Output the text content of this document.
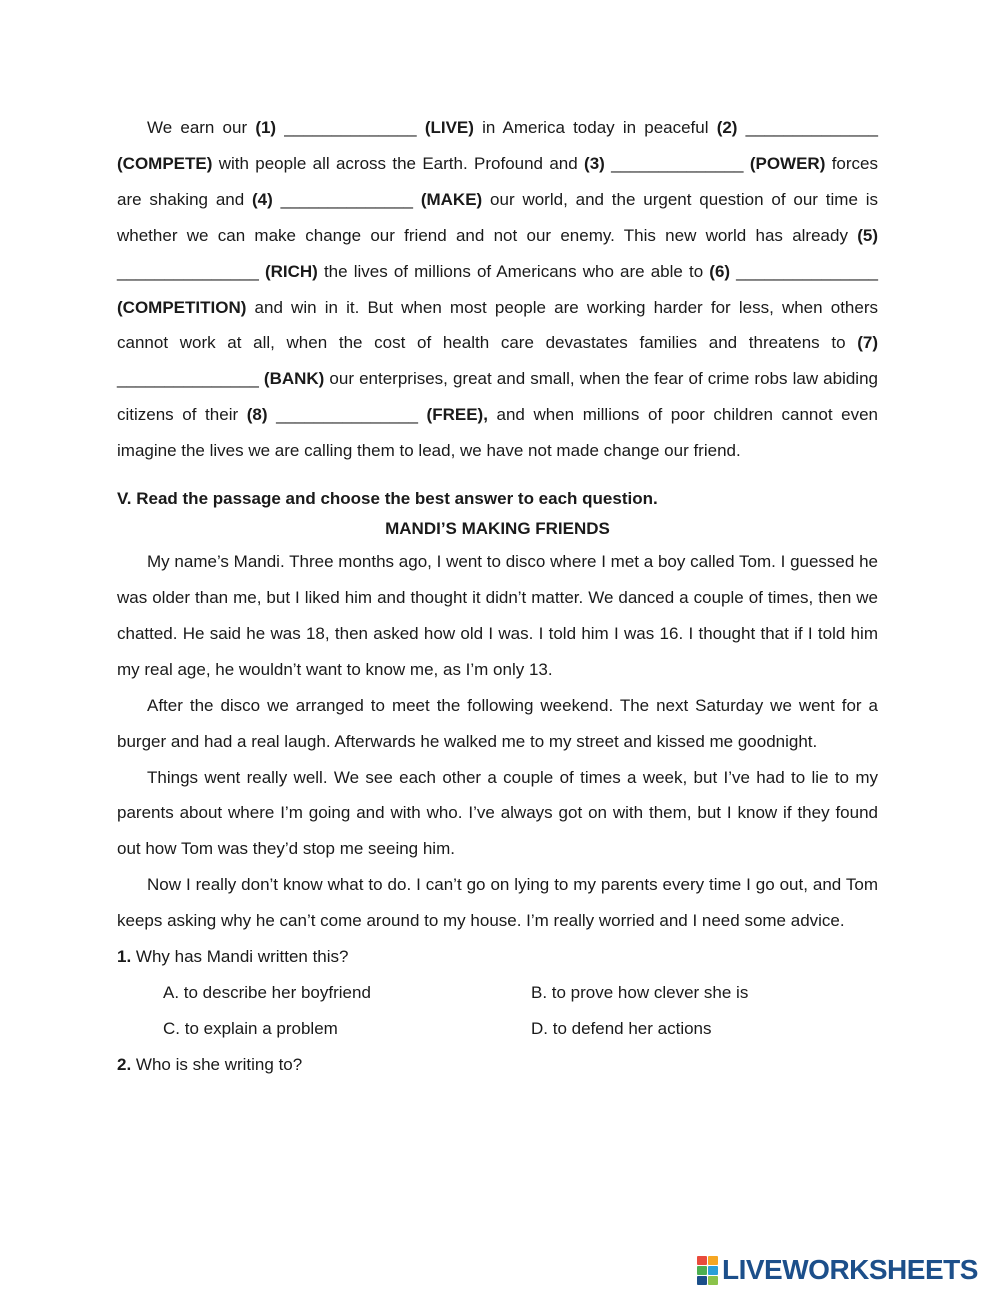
We earn our (1) ______________ (LIVE) in America today in peaceful (2) ______________ (COMPETE) with people all across the Earth. Profound and (3) ______________ (POWER) forces are shaking and (4) ______________ (MAKE) our world, and the urgent question of our time is whether we can make change our friend and not our enemy. This new world has already (5) _______________ (RICH) the lives of millions of Americans who are able to (6) _______________ (COMPETITION) and win in it. But when most people are working harder for less, when others cannot work at all, when the cost of health care devastates families and threatens to (7) _______________ (BANK) our enterprises, great and small, when the fear of crime robs law abiding citizens of their (8) _______________ (FREE), and when millions of poor children cannot even imagine the lives we are calling them to lead, we have not made change our friend.

V. Read the passage and choose the best answer to each question.

MANDI’S MAKING FRIENDS

My name’s Mandi. Three months ago, I went to disco where I met a boy called Tom. I guessed he was older than me, but I liked him and thought it didn’t matter. We danced a couple of times, then we chatted. He said he was 18, then asked how old I was. I told him I was 16. I thought that if I told him my real age, he wouldn’t want to know me, as I’m only 13.

After the disco we arranged to meet the following weekend. The next Saturday we went for a burger and had a real laugh. Afterwards he walked me to my street and kissed me goodnight.

Things went really well. We see each other a couple of times a week, but I’ve had to lie to my parents about where I’m going and with who. I’ve always got on with them, but I know if they found out how Tom was they’d stop me seeing him.

Now I really don’t know what to do. I can’t go on lying to my parents every time I go out, and Tom keeps asking why he can’t come around to my house. I’m really worried and I need some advice.

1. Why has Mandi written this?

A. to describe her boyfriend	B. to prove how clever she is
C. to explain a problem	D. to defend her actions

2. Who is she writing to?

LIVEWORKSHEETS
